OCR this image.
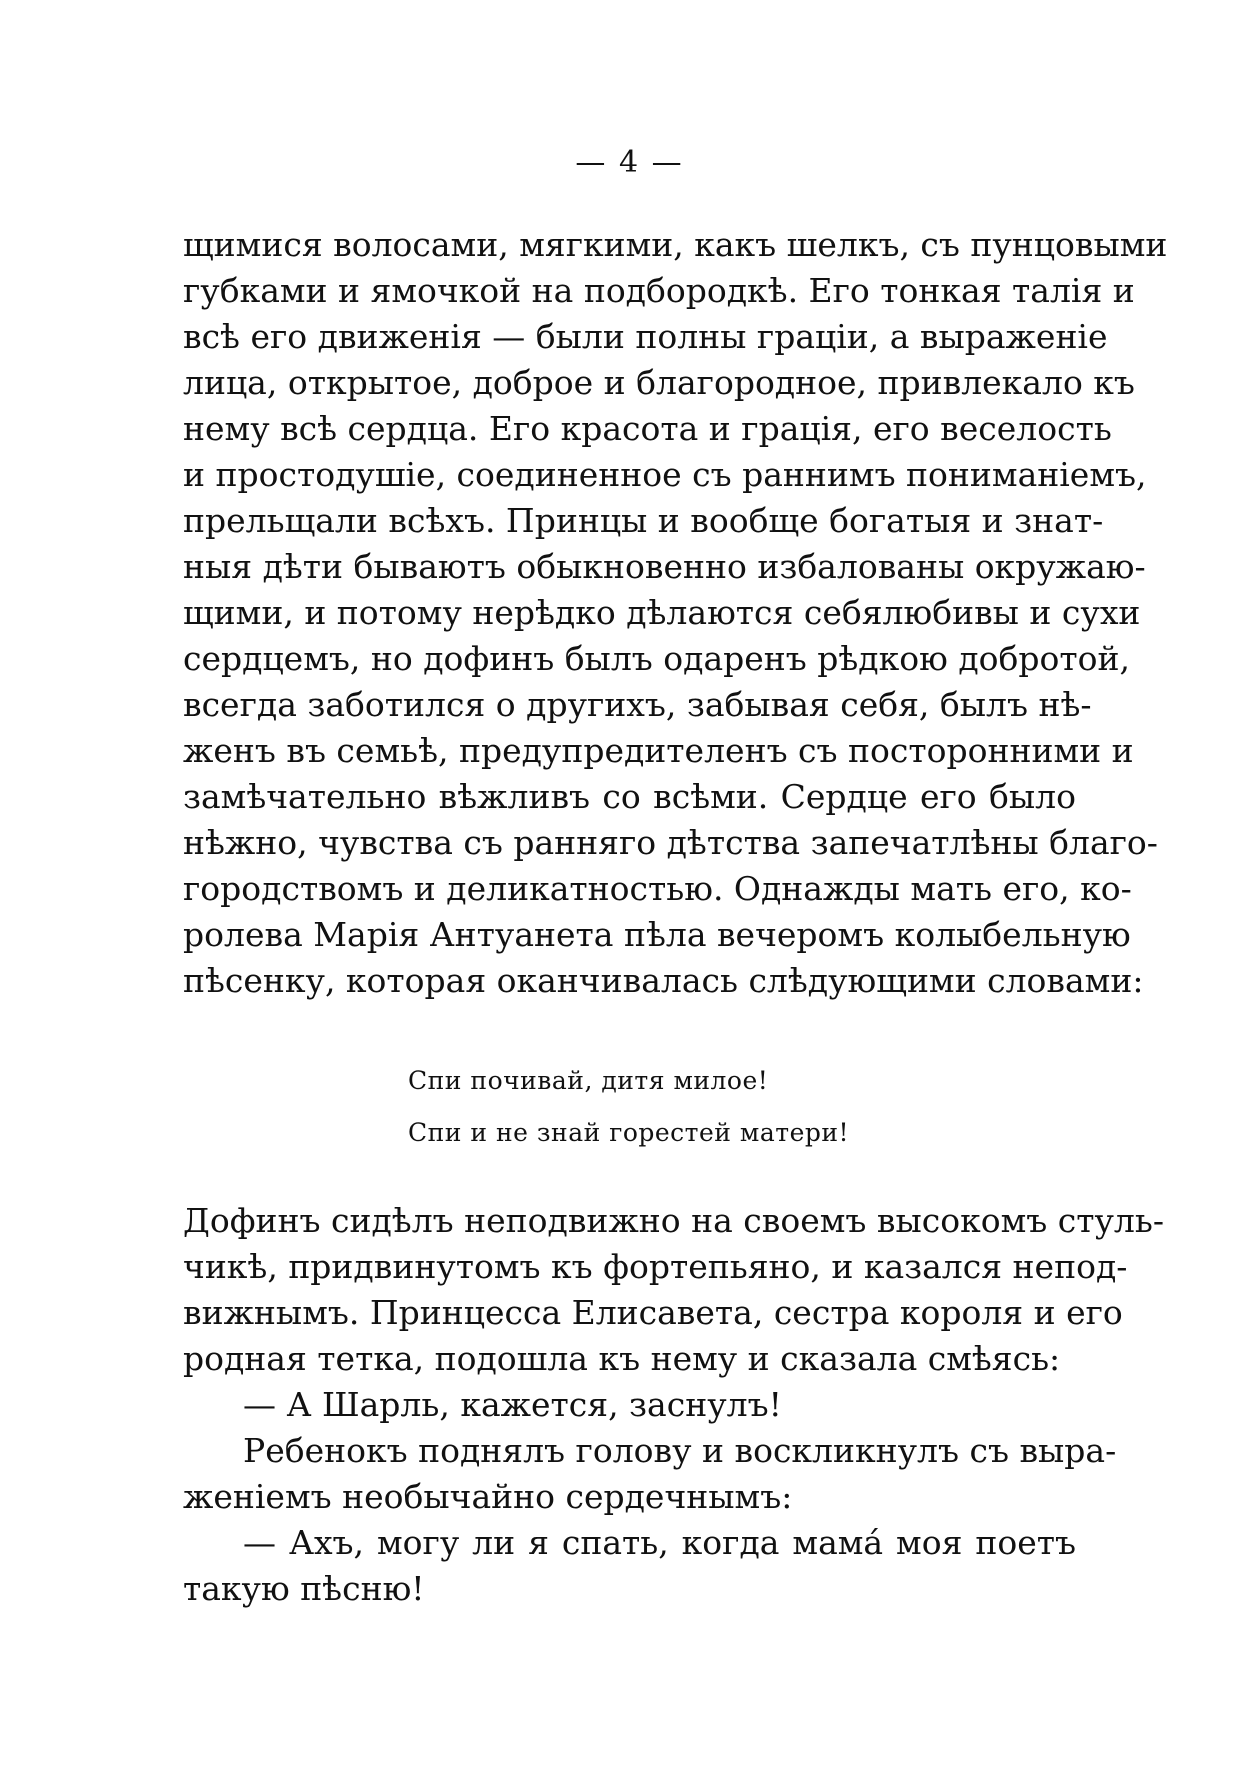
— 4 —
щимися волосами, мягкими, какъ шелкъ, съ пунцовыми
губками и ямочкой на подбородкѣ. Его тонкая талія и
всѣ его движенія — были полны граціи, а выраженіе
лица, открытое, доброе и благородное, привлекало къ
нему всѣ сердца. Его красота и грація, его веселость
и простодушіе, соединенное съ раннимъ пониманіемъ,
прельщали всѣхъ. Принцы и вообще богатыя и знат-
ныя дѣти бываютъ обыкновенно избалованы окружаю-
щими, и потому нерѣдко дѣлаются себялюбивы и сухи
сердцемъ, но дофинъ былъ одаренъ рѣдкою добротой,
всегда заботился о другихъ, забывая себя, былъ нѣ-
женъ въ семьѣ, предупредителенъ съ посторонними и
замѣчательно вѣжливъ со всѣми. Сердце его было
нѣжно, чувства съ ранняго дѣтства запечатлѣны благо-
городствомъ и деликатностью. Однажды мать его, ко-
ролева Марія Антуанета пѣла вечеромъ колыбельную
пѣсенку, которая оканчивалась слѣдующими словами:
Спи почивай, дитя милое!
Спи и не знай горестей матери!
Дофинъ сидѣлъ неподвижно на своемъ высокомъ стуль-
чикѣ, придвинутомъ къ фортепьяно, и казался непод-
вижнымъ. Принцесса Елисавета, сестра короля и его
родная тетка, подошла къ нему и сказала смѣясь:
— А Шарль, кажется, заснулъ!
Ребенокъ поднялъ голову и воскликнулъ съ выра-
женіемъ необычайно сердечнымъ:
— Ахъ, могу ли я спать, когда мама́ моя поетъ
такую пѣсню!
